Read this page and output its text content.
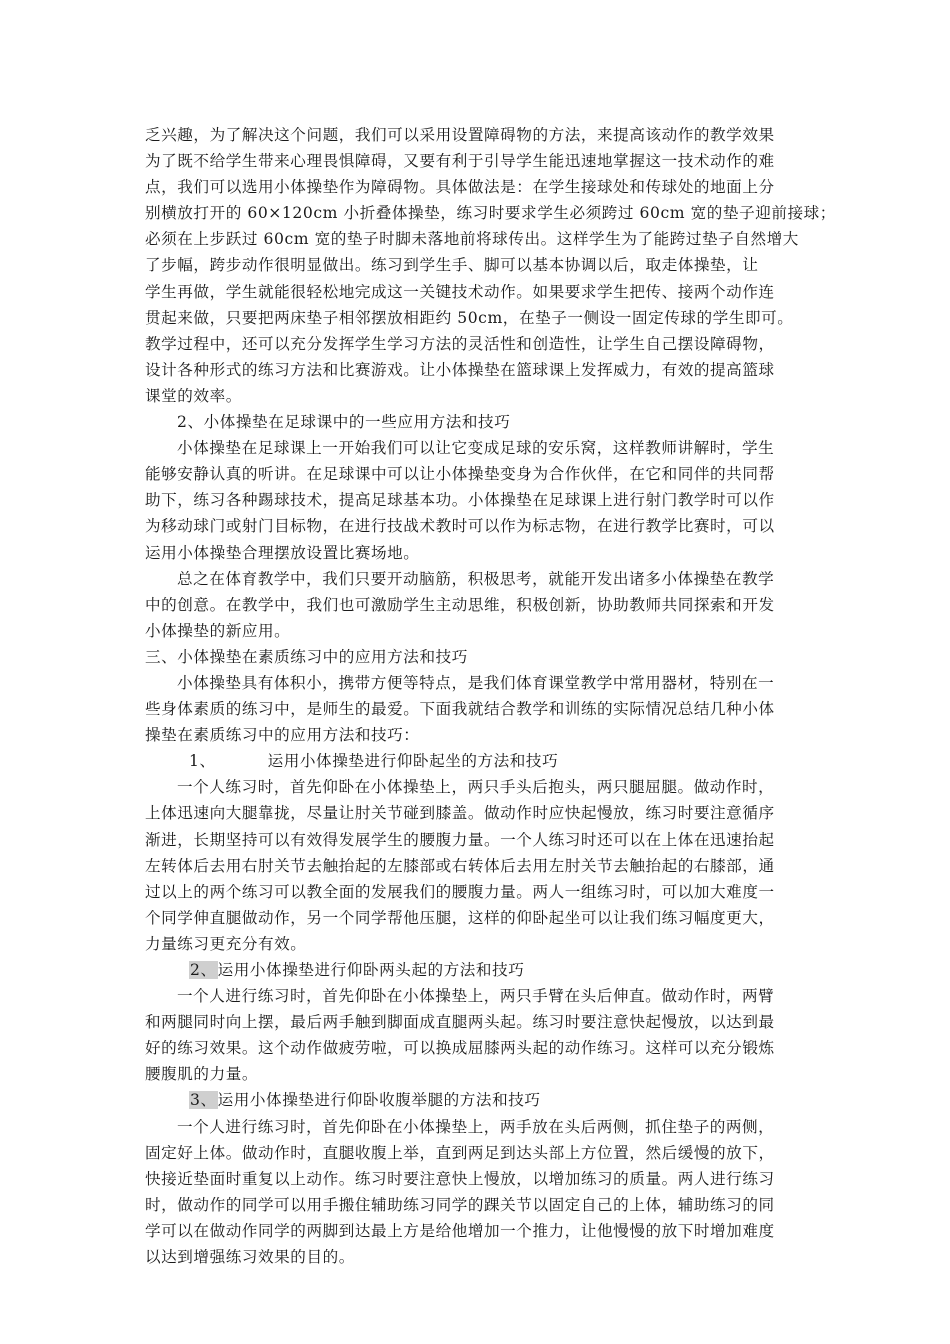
乏兴趣，为了解决这个问题，我们可以采用设置障碍物的方法，来提高该动作的教学效果
为了既不给学生带来心理畏惧障碍，又要有利于引导学生能迅速地掌握这一技术动作的难
点，我们可以选用小体操垫作为障碍物。具体做法是：在学生接球处和传球处的地面上分
别横放打开的 60×120cm 小折叠体操垫，练习时要求学生必须跨过 60cm 宽的垫子迎前接球；
必须在上步跃过 60cm 宽的垫子时脚未落地前将球传出。这样学生为了能跨过垫子自然增大
了步幅，跨步动作很明显做出。练习到学生手、脚可以基本协调以后，取走体操垫，让
学生再做，学生就能很轻松地完成这一关键技术动作。如果要求学生把传、接两个动作连
贯起来做，只要把两床垫子相邻摆放相距约 50cm，在垫子一侧设一固定传球的学生即可。
教学过程中，还可以充分发挥学生学习方法的灵活性和创造性，让学生自己摆设障碍物，
设计各种形式的练习方法和比赛游戏。让小体操垫在篮球课上发挥威力，有效的提高篮球
课堂的效率。
2、小体操垫在足球课中的一些应用方法和技巧
小体操垫在足球课上一开始我们可以让它变成足球的安乐窝，这样教师讲解时，学生
能够安静认真的听讲。在足球课中可以让小体操垫变身为合作伙伴，在它和同伴的共同帮
助下，练习各种踢球技术，提高足球基本功。小体操垫在足球课上进行射门教学时可以作
为移动球门或射门目标物，在进行技战术教时可以作为标志物，在进行教学比赛时，可以
运用小体操垫合理摆放设置比赛场地。
总之在体育教学中，我们只要开动脑筋，积极思考，就能开发出诸多小体操垫在教学
中的创意。在教学中，我们也可激励学生主动思维，积极创新，协助教师共同探索和开发
小体操垫的新应用。
三、小体操垫在素质练习中的应用方法和技巧
小体操垫具有体积小，携带方便等特点，是我们体育课堂教学中常用器材，特别在一
些身体素质的练习中，是师生的最爱。下面我就结合教学和训练的实际情况总结几种小体
操垫在素质练习中的应用方法和技巧：
1、	运用小体操垫进行仰卧起坐的方法和技巧
一个人练习时，首先仰卧在小体操垫上，两只手头后抱头，两只腿屈腿。做动作时，
上体迅速向大腿靠拢，尽量让肘关节碰到膝盖。做动作时应快起慢放，练习时要注意循序
渐进，长期坚持可以有效得发展学生的腰腹力量。一个人练习时还可以在上体在迅速抬起
左转体后去用右肘关节去触抬起的左膝部或右转体后去用左肘关节去触抬起的右膝部，通
过以上的两个练习可以教全面的发展我们的腰腹力量。两人一组练习时，可以加大难度一
个同学伸直腿做动作，另一个同学帮他压腿，这样的仰卧起坐可以让我们练习幅度更大，
力量练习更充分有效。
2、运用小体操垫进行仰卧两头起的方法和技巧
一个人进行练习时，首先仰卧在小体操垫上，两只手臂在头后伸直。做动作时，两臂
和两腿同时向上摆，最后两手触到脚面成直腿两头起。练习时要注意快起慢放，以达到最
好的练习效果。这个动作做疲劳啦，可以换成屈膝两头起的动作练习。这样可以充分锻炼
腰腹肌的力量。
3、运用小体操垫进行仰卧收腹举腿的方法和技巧
一个人进行练习时，首先仰卧在小体操垫上，两手放在头后两侧，抓住垫子的两侧，
固定好上体。做动作时，直腿收腹上举，直到两足到达头部上方位置，然后缓慢的放下，
快接近垫面时重复以上动作。练习时要注意快上慢放，以增加练习的质量。两人进行练习
时，做动作的同学可以用手搬住辅助练习同学的踝关节以固定自己的上体，辅助练习的同
学可以在做动作同学的两脚到达最上方是给他增加一个推力，让他慢慢的放下时增加难度
以达到增强练习效果的目的。
